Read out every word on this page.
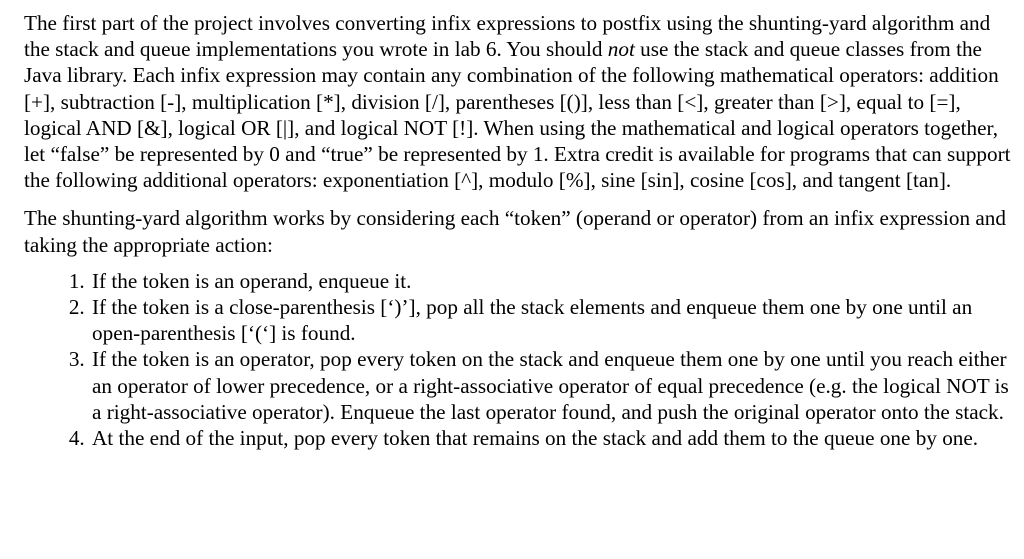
The first part of the project involves converting infix expressions to postfix using the shunting-yard algorithm and the stack and queue implementations you wrote in lab 6. You should not use the stack and queue classes from the Java library. Each infix expression may contain any combination of the following mathematical operators: addition [+], subtraction [-], multiplication [*], division [/], parentheses [()], less than [<], greater than [>], equal to [=], logical AND [&], logical OR [|], and logical NOT [!]. When using the mathematical and logical operators together, let “false” be represented by 0 and “true” be represented by 1. Extra credit is available for programs that can support the following additional operators: exponentiation [^], modulo [%], sine [sin], cosine [cos], and tangent [tan].

The shunting-yard algorithm works by considering each “token” (operand or operator) from an infix expression and taking the appropriate action:

1. If the token is an operand, enqueue it.
2. If the token is a close-parenthesis [‘)’], pop all the stack elements and enqueue them one by one until an open-parenthesis [‘(‘] is found.
3. If the token is an operator, pop every token on the stack and enqueue them one by one until you reach either an operator of lower precedence, or a right-associative operator of equal precedence (e.g. the logical NOT is a right-associative operator). Enqueue the last operator found, and push the original operator onto the stack.
4. At the end of the input, pop every token that remains on the stack and add them to the queue one by one.
